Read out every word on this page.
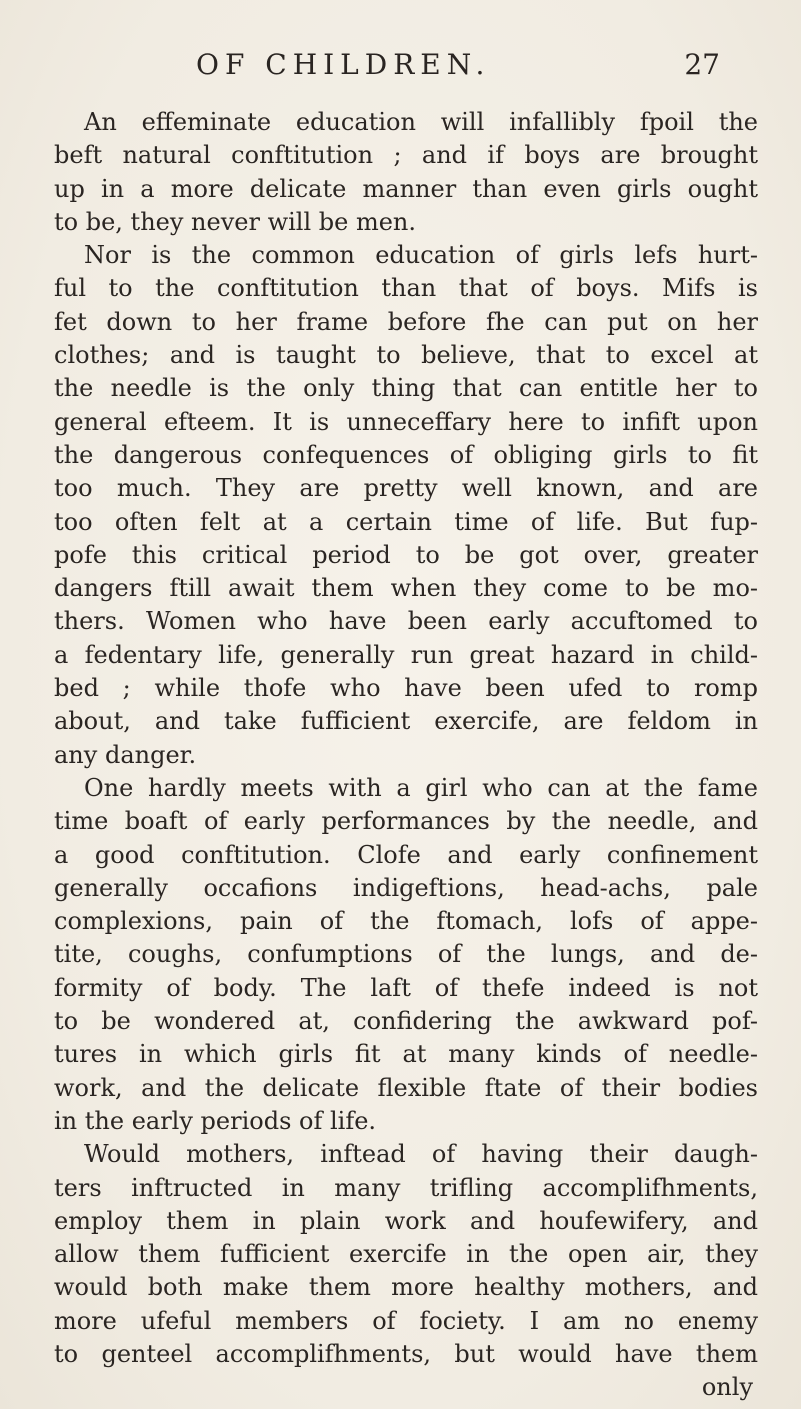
OF CHILDREN.	27
An effeminate education will infallibly fpoil the
beft natural conftitution ; and if boys are brought
up in a more delicate manner than even girls ought
to be, they never will be men.
Nor is the common education of girls lefs hurt-
ful to the conftitution than that of boys. Mifs is
fet down to her frame before fhe can put on her
clothes; and is taught to believe, that to excel at
the needle is the only thing that can entitle her to
general efteem. It is unneceffary here to infift upon
the dangerous confequences of obliging girls to fit
too much. They are pretty well known, and are
too often felt at a certain time of life. But fup-
pofe this critical period to be got over, greater
dangers ftill await them when they come to be mo-
thers. Women who have been early accuftomed to
a fedentary life, generally run great hazard in child-
bed ; while thofe who have been ufed to romp
about, and take fufficient exercife, are feldom in
any danger.
One hardly meets with a girl who can at the fame
time boaft of early performances by the needle, and
a good conftitution. Clofe and early confinement
generally occafions indigeftions, head-achs, pale
complexions, pain of the ftomach, lofs of appe-
tite, coughs, confumptions of the lungs, and de-
formity of body. The laft of thefe indeed is not
to be wondered at, confidering the awkward pof-
tures in which girls fit at many kinds of needle-
work, and the delicate flexible ftate of their bodies
in the early periods of life.
Would mothers, inftead of having their daugh-
ters inftructed in many trifling accomplifhments,
employ them in plain work and houfewifery, and
allow them fufficient exercife in the open air, they
would both make them more healthy mothers, and
more ufeful members of fociety. I am no enemy
to genteel accomplifhments, but would have them
only
